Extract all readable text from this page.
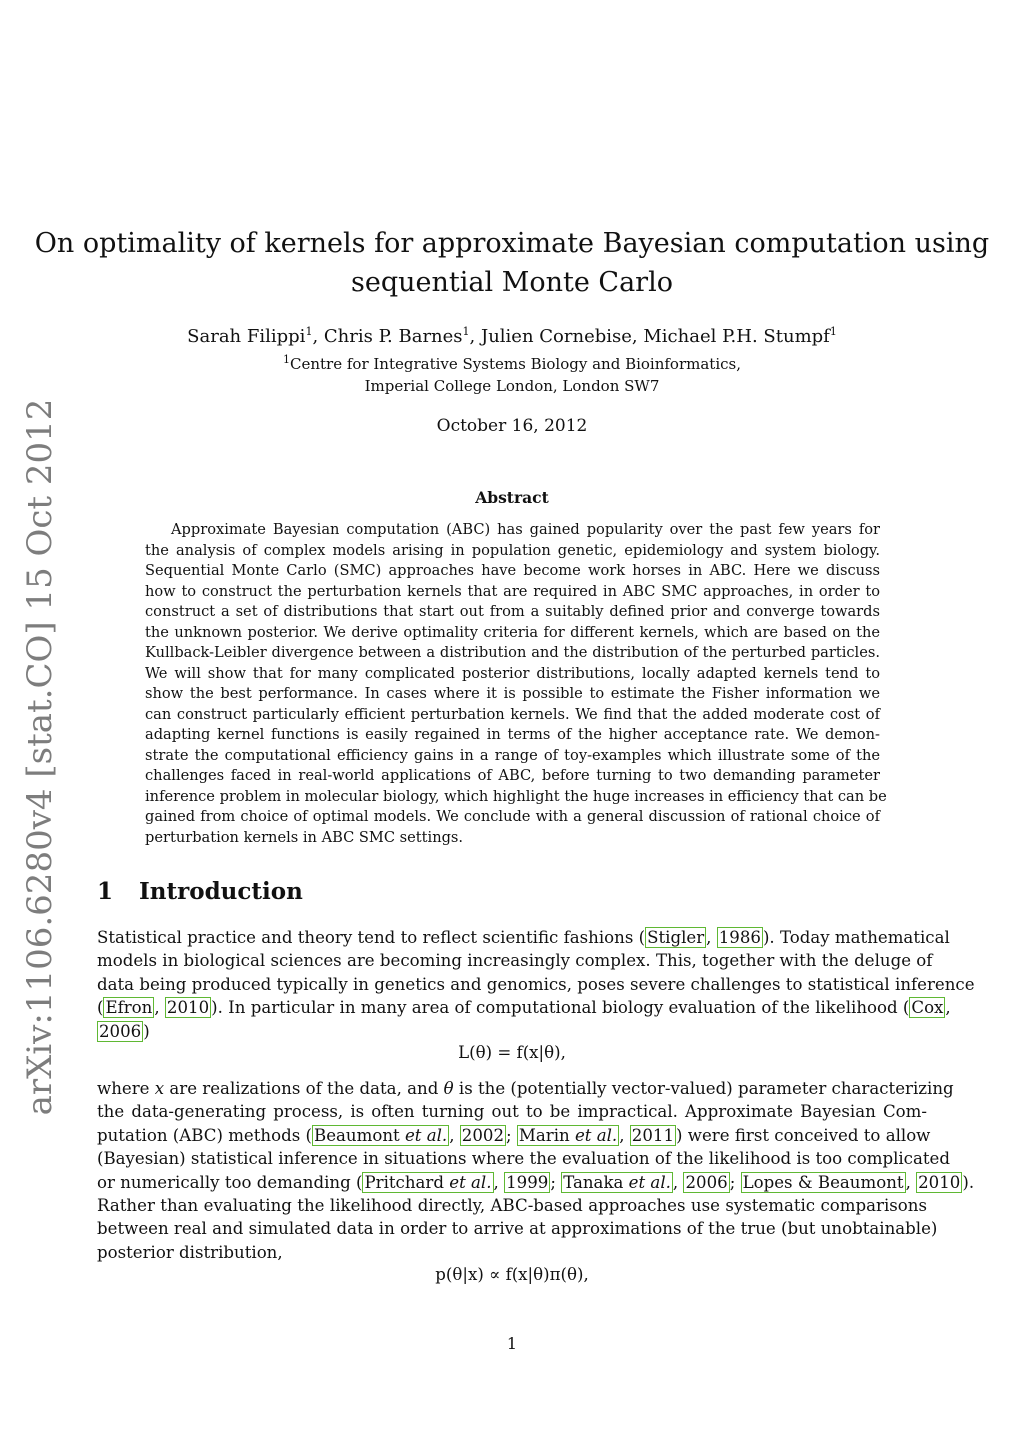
arXiv:1106.6280v4 [stat.CO] 15 Oct 2012
On optimality of kernels for approximate Bayesian computation using
sequential Monte Carlo
Sarah Filippi$^1$, Chris P. Barnes$^1$, Julien Cornebise, Michael P.H. Stumpf$^1$
$^1$Centre for Integrative Systems Biology and Bioinformatics,
Imperial College London, London SW7
October 16, 2012
Abstract
Approximate Bayesian computation (ABC) has gained popularity over the past few years for
the analysis of complex models arising in population genetic, epidemiology and system biology.
Sequential Monte Carlo (SMC) approaches have become work horses in ABC. Here we discuss
how to construct the perturbation kernels that are required in ABC SMC approaches, in order to
construct a set of distributions that start out from a suitably defined prior and converge towards
the unknown posterior. We derive optimality criteria for different kernels, which are based on the
Kullback-Leibler divergence between a distribution and the distribution of the perturbed particles.
We will show that for many complicated posterior distributions, locally adapted kernels tend to
show the best performance. In cases where it is possible to estimate the Fisher information we
can construct particularly efficient perturbation kernels. We find that the added moderate cost of
adapting kernel functions is easily regained in terms of the higher acceptance rate. We demon-
strate the computational efficiency gains in a range of toy-examples which illustrate some of the
challenges faced in real-world applications of ABC, before turning to two demanding parameter
inference problem in molecular biology, which highlight the huge increases in efficiency that can be
gained from choice of optimal models. We conclude with a general discussion of rational choice of
perturbation kernels in ABC SMC settings.
1 Introduction
Statistical practice and theory tend to reflect scientific fashions ( Stigler , 1986 ). Today mathematical
models in biological sciences are becoming increasingly complex. This, together with the deluge of
data being produced typically in genetics and genomics, poses severe challenges to statistical inference
( Efron , 2010 ). In particular in many area of computational biology evaluation of the likelihood ( Cox ,
2006 )
L(θ) = f(x|θ),
where x are realizations of the data, and θ is the (potentially vector-valued) parameter characterizing
the data-generating process, is often turning out to be impractical. Approximate Bayesian Com-
putation (ABC) methods ( Beaumont et al. , 2002 ; Marin et al. , 2011 ) were first conceived to allow
(Bayesian) statistical inference in situations where the evaluation of the likelihood is too complicated
or numerically too demanding ( Pritchard et al. , 1999 ; Tanaka et al. , 2006 ; Lopes & Beaumont , 2010 ).
Rather than evaluating the likelihood directly, ABC-based approaches use systematic comparisons
between real and simulated data in order to arrive at approximations of the true (but unobtainable)
posterior distribution,
p(θ|x) ∝ f(x|θ)π(θ),
1
